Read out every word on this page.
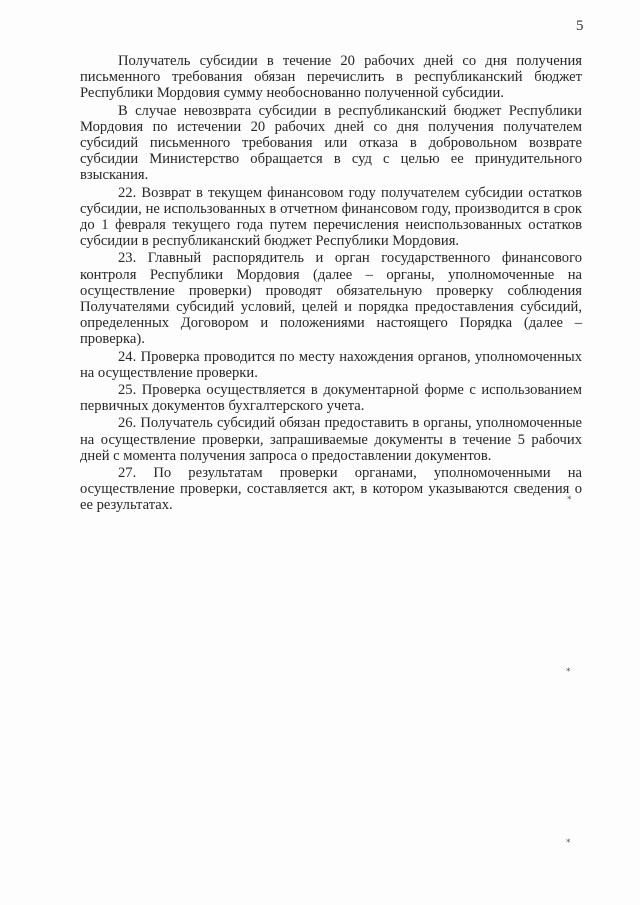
5

Получатель субсидии в течение 20 рабочих дней со дня получения письменного требования обязан перечислить в республиканский бюджет Республики Мордовия сумму необоснованно полученной субсидии.

В случае невозврата субсидии в республиканский бюджет Республики Мордовия по истечении 20 рабочих дней со дня получения получателем субсидий письменного требования или отказа в добровольном возврате субсидии Министерство обращается в суд с целью ее принудительного взыскания.

22. Возврат в текущем финансовом году получателем субсидии остатков субсидии, не использованных в отчетном финансовом году, производится в срок до 1 февраля текущего года путем перечисления неиспользованных остатков субсидии в республиканский бюджет Республики Мордовия.

23. Главный распорядитель и орган государственного финансового контроля Республики Мордовия (далее – органы, уполномоченные на осуществление проверки) проводят обязательную проверку соблюдения Получателями субсидий условий, целей и порядка предоставления субсидий, определенных Договором и положениями настоящего Порядка (далее – проверка).

24. Проверка проводится по месту нахождения органов, уполномоченных на осуществление проверки.

25. Проверка осуществляется в документарной форме с использованием первичных документов бухгалтерского учета.

26. Получатель субсидий обязан предоставить в органы, уполномоченные на осуществление проверки, запрашиваемые документы в течение 5 рабочих дней с момента получения запроса о предоставлении документов.

27. По результатам проверки органами, уполномоченными на осуществление проверки, составляется акт, в котором указываются сведения о ее результатах.	*
*
*
